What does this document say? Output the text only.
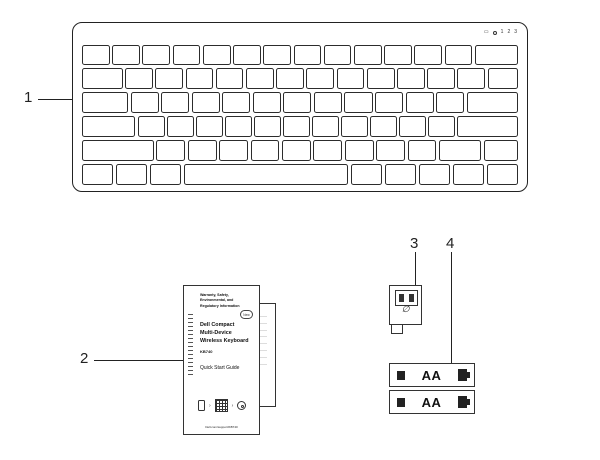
▭ 1 2 3
1
Warranty, Safety, Environmental, and Regulatory Information
New
Dell Compact
Multi-Device
Wireless Keyboard
KB740
Quick Start Guide
›	›
Dell.com/support/KB740
2
∅
3
AA
AA
4
